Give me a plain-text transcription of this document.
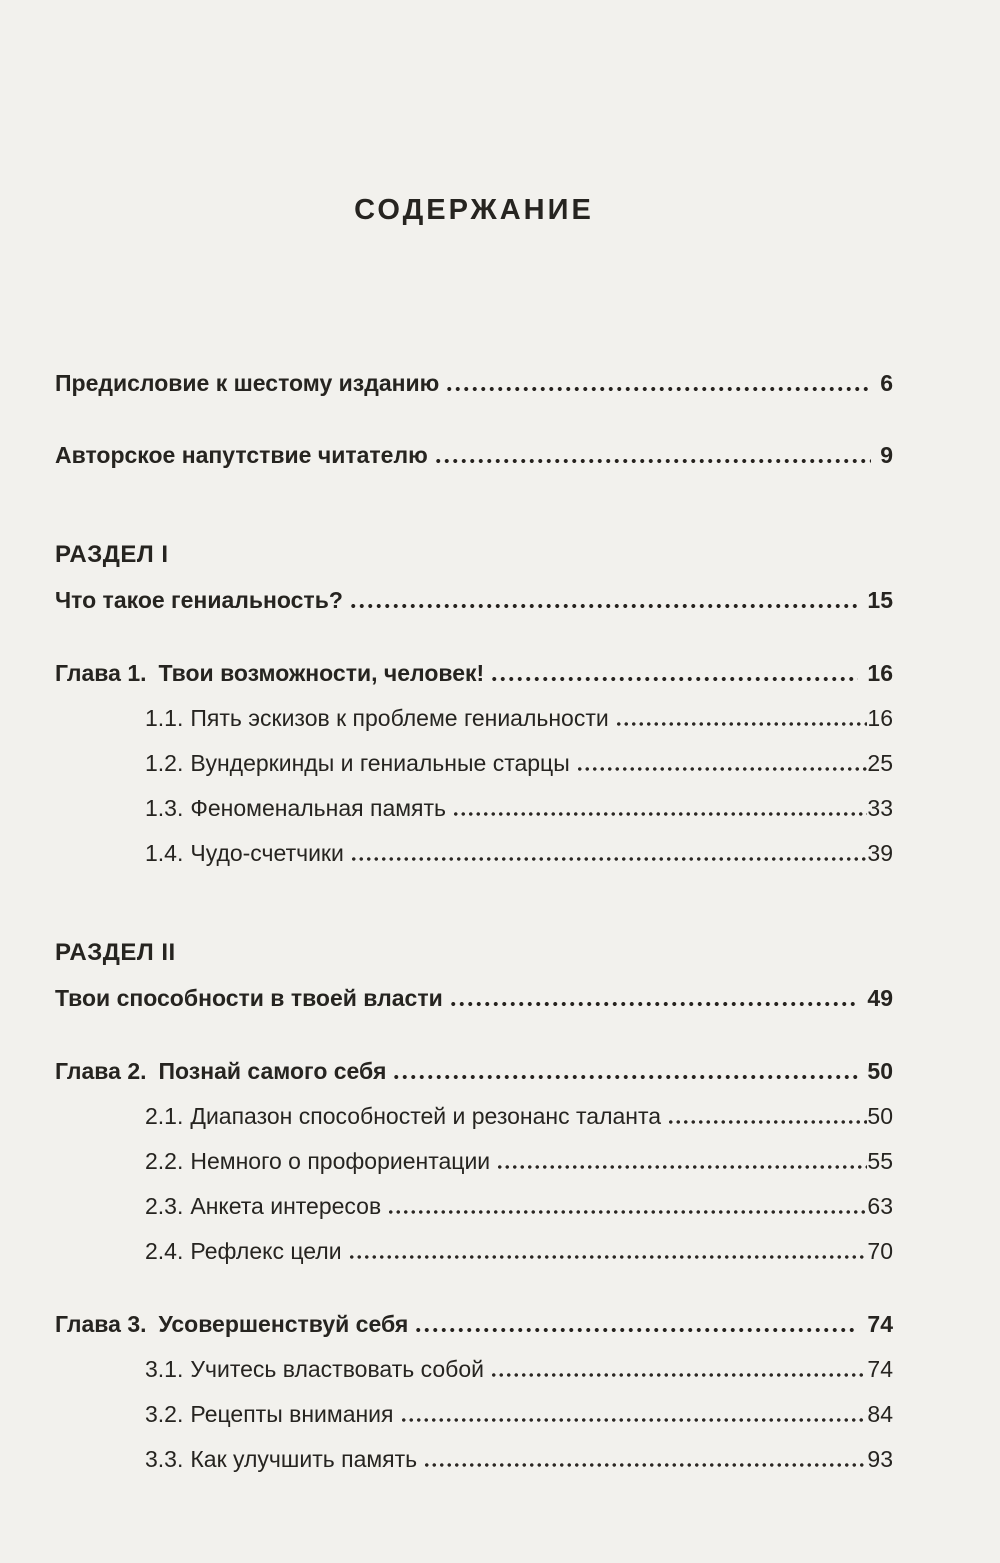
СОДЕРЖАНИЕ
Предисловие к шестому изданию	6
Авторское напутствие читателю	9
РАЗДЕЛ I
Что такое гениальность?	15
Глава 1. Твои возможности, человек!	16
1.1. Пять эскизов к проблеме гениальности	16
1.2. Вундеркинды и гениальные старцы	25
1.3. Феноменальная память	33
1.4. Чудо-счетчики	39
РАЗДЕЛ II
Твои способности в твоей власти	49
Глава 2. Познай самого себя	50
2.1. Диапазон способностей и резонанс таланта	50
2.2. Немного о профориентации	55
2.3. Анкета интересов	63
2.4. Рефлекс цели	70
Глава 3. Усовершенствуй себя	74
3.1. Учитесь властвовать собой	74
3.2. Рецепты внимания	84
3.3. Как улучшить память	93
